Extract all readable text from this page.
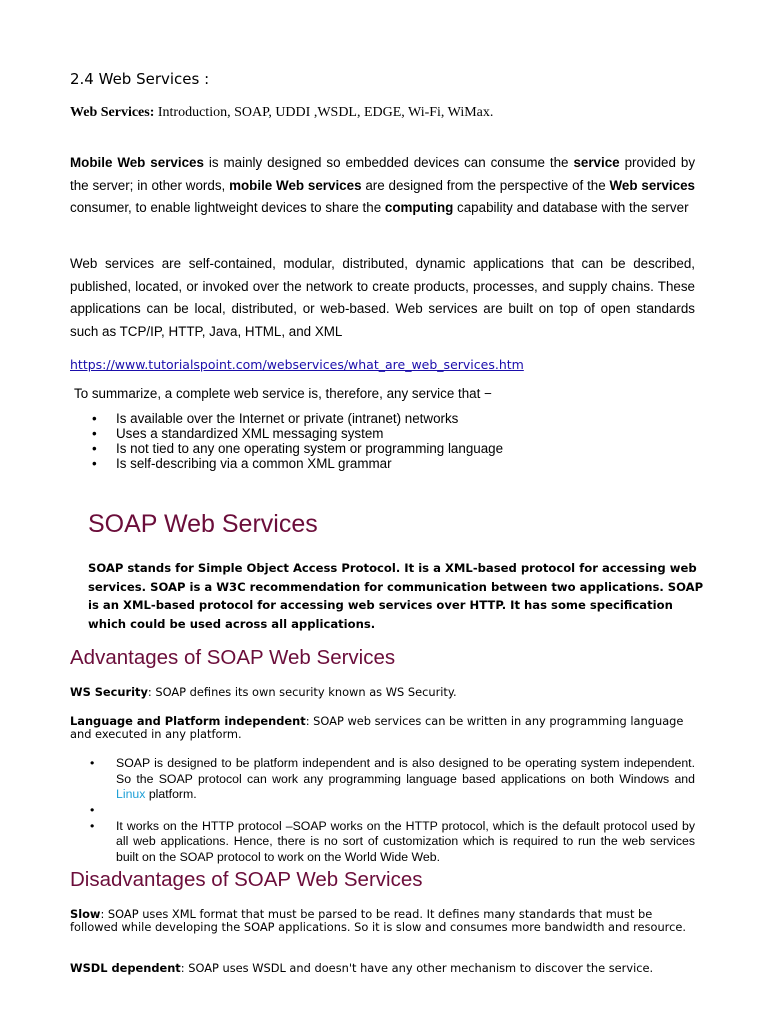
2.4 Web Services :
Web Services: Introduction, SOAP, UDDI ,WSDL, EDGE, Wi-Fi, WiMax.
Mobile Web services is mainly designed so embedded devices can consume the service provided by the server; in other words, mobile Web services are designed from the perspective of the Web services consumer, to enable lightweight devices to share the computing capability and database with the server
Web services are self-contained, modular, distributed, dynamic applications that can be described, published, located, or invoked over the network to create products, processes, and supply chains. These applications can be local, distributed, or web-based. Web services are built on top of open standards such as TCP/IP, HTTP, Java, HTML, and XML
https://www.tutorialspoint.com/webservices/what_are_web_services.htm
To summarize, a complete web service is, therefore, any service that −
• Is available over the Internet or private (intranet) networks
• Uses a standardized XML messaging system
• Is not tied to any one operating system or programming language
• Is self-describing via a common XML grammar
SOAP Web Services
SOAP stands for Simple Object Access Protocol. It is a XML-based protocol for accessing web services. SOAP is a W3C recommendation for communication between two applications. SOAP is an XML-based protocol for accessing web services over HTTP. It has some specification which could be used across all applications.
Advantages of SOAP Web Services
WS Security: SOAP defines its own security known as WS Security.
Language and Platform independent: SOAP web services can be written in any programming language and executed in any platform.
• SOAP is designed to be platform independent and is also designed to be operating system independent. So the SOAP protocol can work any programming language based applications on both Windows and Linux platform.
•
• It works on the HTTP protocol –SOAP works on the HTTP protocol, which is the default protocol used by all web applications. Hence, there is no sort of customization which is required to run the web services built on the SOAP protocol to work on the World Wide Web.
Disadvantages of SOAP Web Services
Slow: SOAP uses XML format that must be parsed to be read. It defines many standards that must be followed while developing the SOAP applications. So it is slow and consumes more bandwidth and resource.
WSDL dependent: SOAP uses WSDL and doesn't have any other mechanism to discover the service.
